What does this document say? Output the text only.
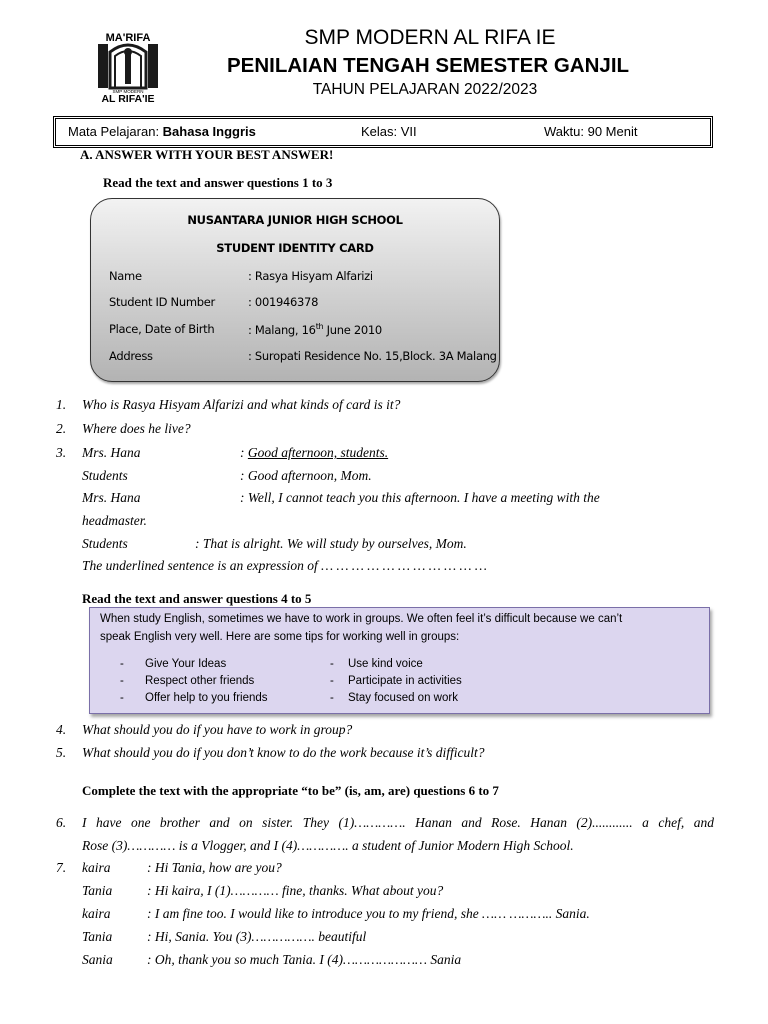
MA'RIFA
SMP MODERN
AL RIFA'IE
SMP MODERN AL RIFA IE
PENILAIAN TENGAH SEMESTER GANJIL
TAHUN PELAJARAN 2022/2023
Mata Pelajaran: Bahasa Inggris	Kelas: VII	Waktu: 90 Menit
A. ANSWER WITH YOUR BEST ANSWER!
Read the text and answer questions 1 to 3
NUSANTARA JUNIOR HIGH SCHOOL
STUDENT IDENTITY CARD
Name	: Rasya Hisyam Alfarizi
Student ID Number	: 001946378
Place, Date of Birth	: Malang, 16th June 2010
Address	: Suropati Residence No. 15,Block. 3A Malang
1. Who is Rasya Hisyam Alfarizi and what kinds of card is it?
2. Where does he live?
3. Mrs. Hana	: Good afternoon, students.
Students	: Good afternoon, Mom.
Mrs. Hana	: Well, I cannot teach you this afternoon. I have a meeting with the
headmaster.
Students	: That is alright. We will study by ourselves, Mom.
The underlined sentence is an expression of … … … … … … … … … … …
Read the text and answer questions 4 to 5
When study English, sometimes we have to work in groups. We often feel it’s difficult because we can’t
speak English very well. Here are some tips for working well in groups:
- Give Your Ideas
- Respect other friends
- Offer help to you friends
- Use kind voice
- Participate in activities
- Stay focused on work
4. What should you do if you have to work in group?
5. What should you do if you don’t know to do the work because it’s difficult?
Complete the text with the appropriate “to be” (is, am, are) questions 6 to 7
6. I have one brother and on sister. They (1)…………. Hanan and Rose. Hanan (2)............ a chef, and
Rose (3)………… is a Vlogger, and I (4)…………. a student of Junior Modern High School.
7. kaira	: Hi Tania, how are you?
Tania	: Hi kaira, I (1)………… fine, thanks. What about you?
kaira	: I am fine too. I would like to introduce you to my friend, she …… ……….. Sania.
Tania	: Hi, Sania. You (3)……………. beautiful
Sania	: Oh, thank you so much Tania. I (4)………………… Sania
